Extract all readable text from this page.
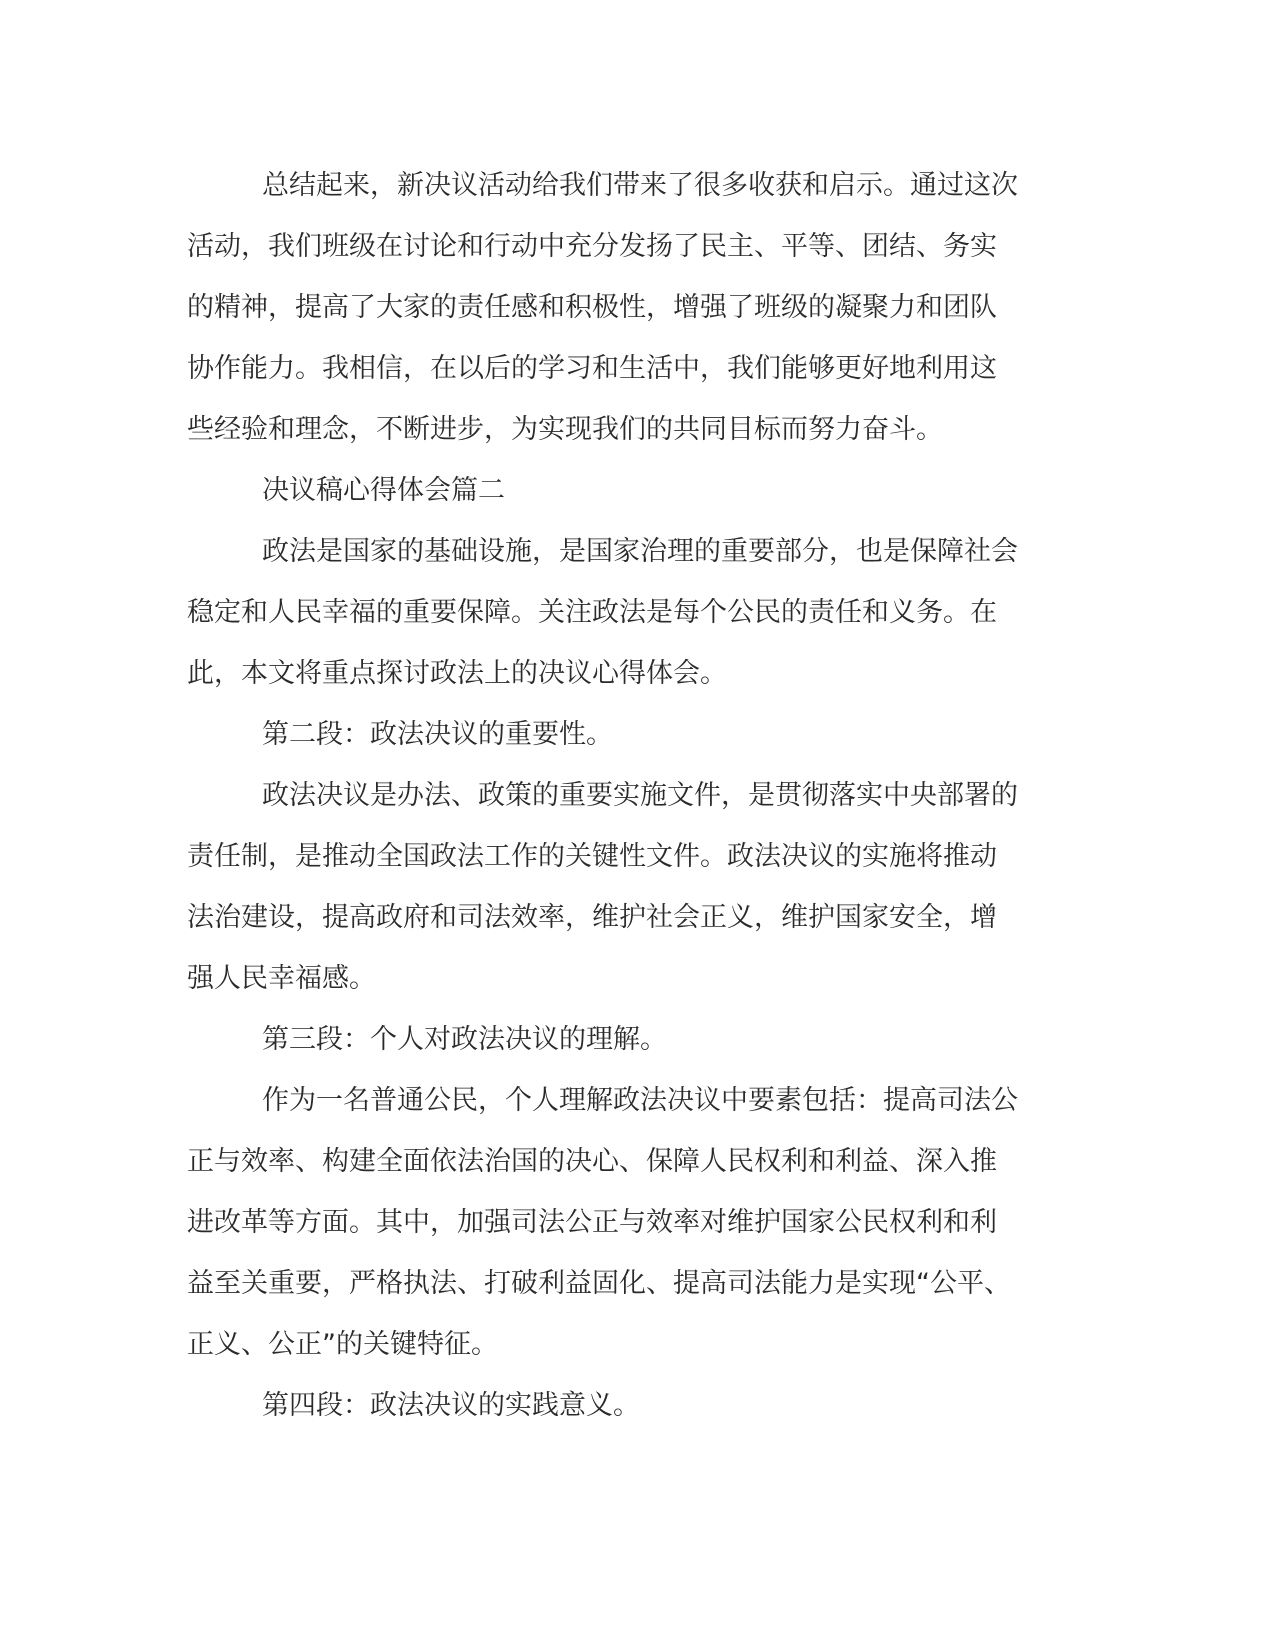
总结起来，新决议活动给我们带来了很多收获和启示。通过这次
活动，我们班级在讨论和行动中充分发扬了民主、平等、团结、务实
的精神，提高了大家的责任感和积极性，增强了班级的凝聚力和团队
协作能力。我相信，在以后的学习和生活中，我们能够更好地利用这
些经验和理念，不断进步，为实现我们的共同目标而努力奋斗。
决议稿心得体会篇二
政法是国家的基础设施，是国家治理的重要部分，也是保障社会
稳定和人民幸福的重要保障。关注政法是每个公民的责任和义务。在
此，本文将重点探讨政法上的决议心得体会。
第二段：政法决议的重要性。
政法决议是办法、政策的重要实施文件，是贯彻落实中央部署的
责任制，是推动全国政法工作的关键性文件。政法决议的实施将推动
法治建设，提高政府和司法效率，维护社会正义，维护国家安全，增
强人民幸福感。
第三段：个人对政法决议的理解。
作为一名普通公民，个人理解政法决议中要素包括：提高司法公
正与效率、构建全面依法治国的决心、保障人民权利和利益、深入推
进改革等方面。其中，加强司法公正与效率对维护国家公民权利和利
益至关重要，严格执法、打破利益固化、提高司法能力是实现“公平、
正义、公正”的关键特征。
第四段：政法决议的实践意义。
